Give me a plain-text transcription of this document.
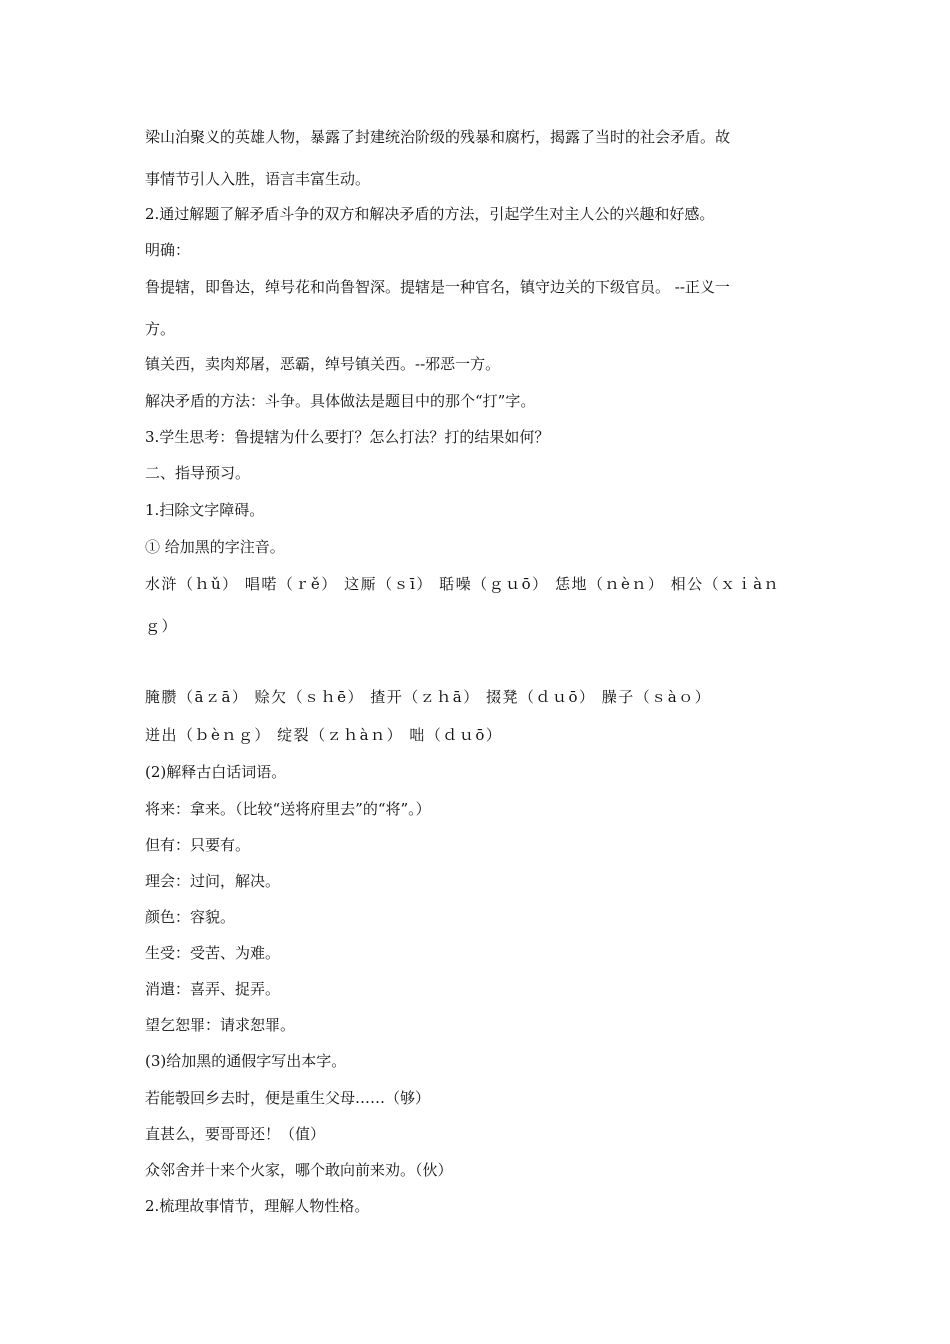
梁山泊聚义的英雄人物，暴露了封建统治阶级的残暴和腐朽，揭露了当时的社会矛盾。故
事情节引人入胜，语言丰富生动。
2.通过解题了解矛盾斗争的双方和解决矛盾的方法，引起学生对主人公的兴趣和好感。
明确：
鲁提辖，即鲁达，绰号花和尚鲁智深。提辖是一种官名，镇守边关的下级官员。 --正义一
方。
镇关西，卖肉郑屠，恶霸，绰号镇关西。--邪恶一方。
解决矛盾的方法：斗争。具体做法是题目中的那个“打”字。
3.学生思考：鲁提辖为什么要打？怎么打法？打的结果如何？
二、指导预习。
1.扫除文字障碍。
① 给加黑的字注音。
水浒（ｈǔ） 唱喏（ｒě） 这厮（ｓī） 聒噪（ｇｕō） 恁地（ｎèｎ） 相公（ｘｉàｎ
ｇ）
腌臜（āｚā） 赊欠（ｓｈē） 揸开（ｚｈā） 掇凳（ｄｕō） 臊子（ｓàｏ）
迸出（ｂèｎｇ） 绽裂（ｚｈàｎ） 咄（ｄｕō）
(2)解释古白话词语。
将来：拿来。（比较“送将府里去”的“将”。）
但有：只要有。
理会：过问，解决。
颜色：容貌。
生受：受苦、为难。
消遣：喜弄、捉弄。
望乞恕罪：请求恕罪。
(3)给加黑的通假字写出本字。
若能彀回乡去时，便是重生父母……（够）
直甚么，要哥哥还！（值）
众邻舍并十来个火家，哪个敢向前来劝。（伙）
2.梳理故事情节，理解人物性格。
